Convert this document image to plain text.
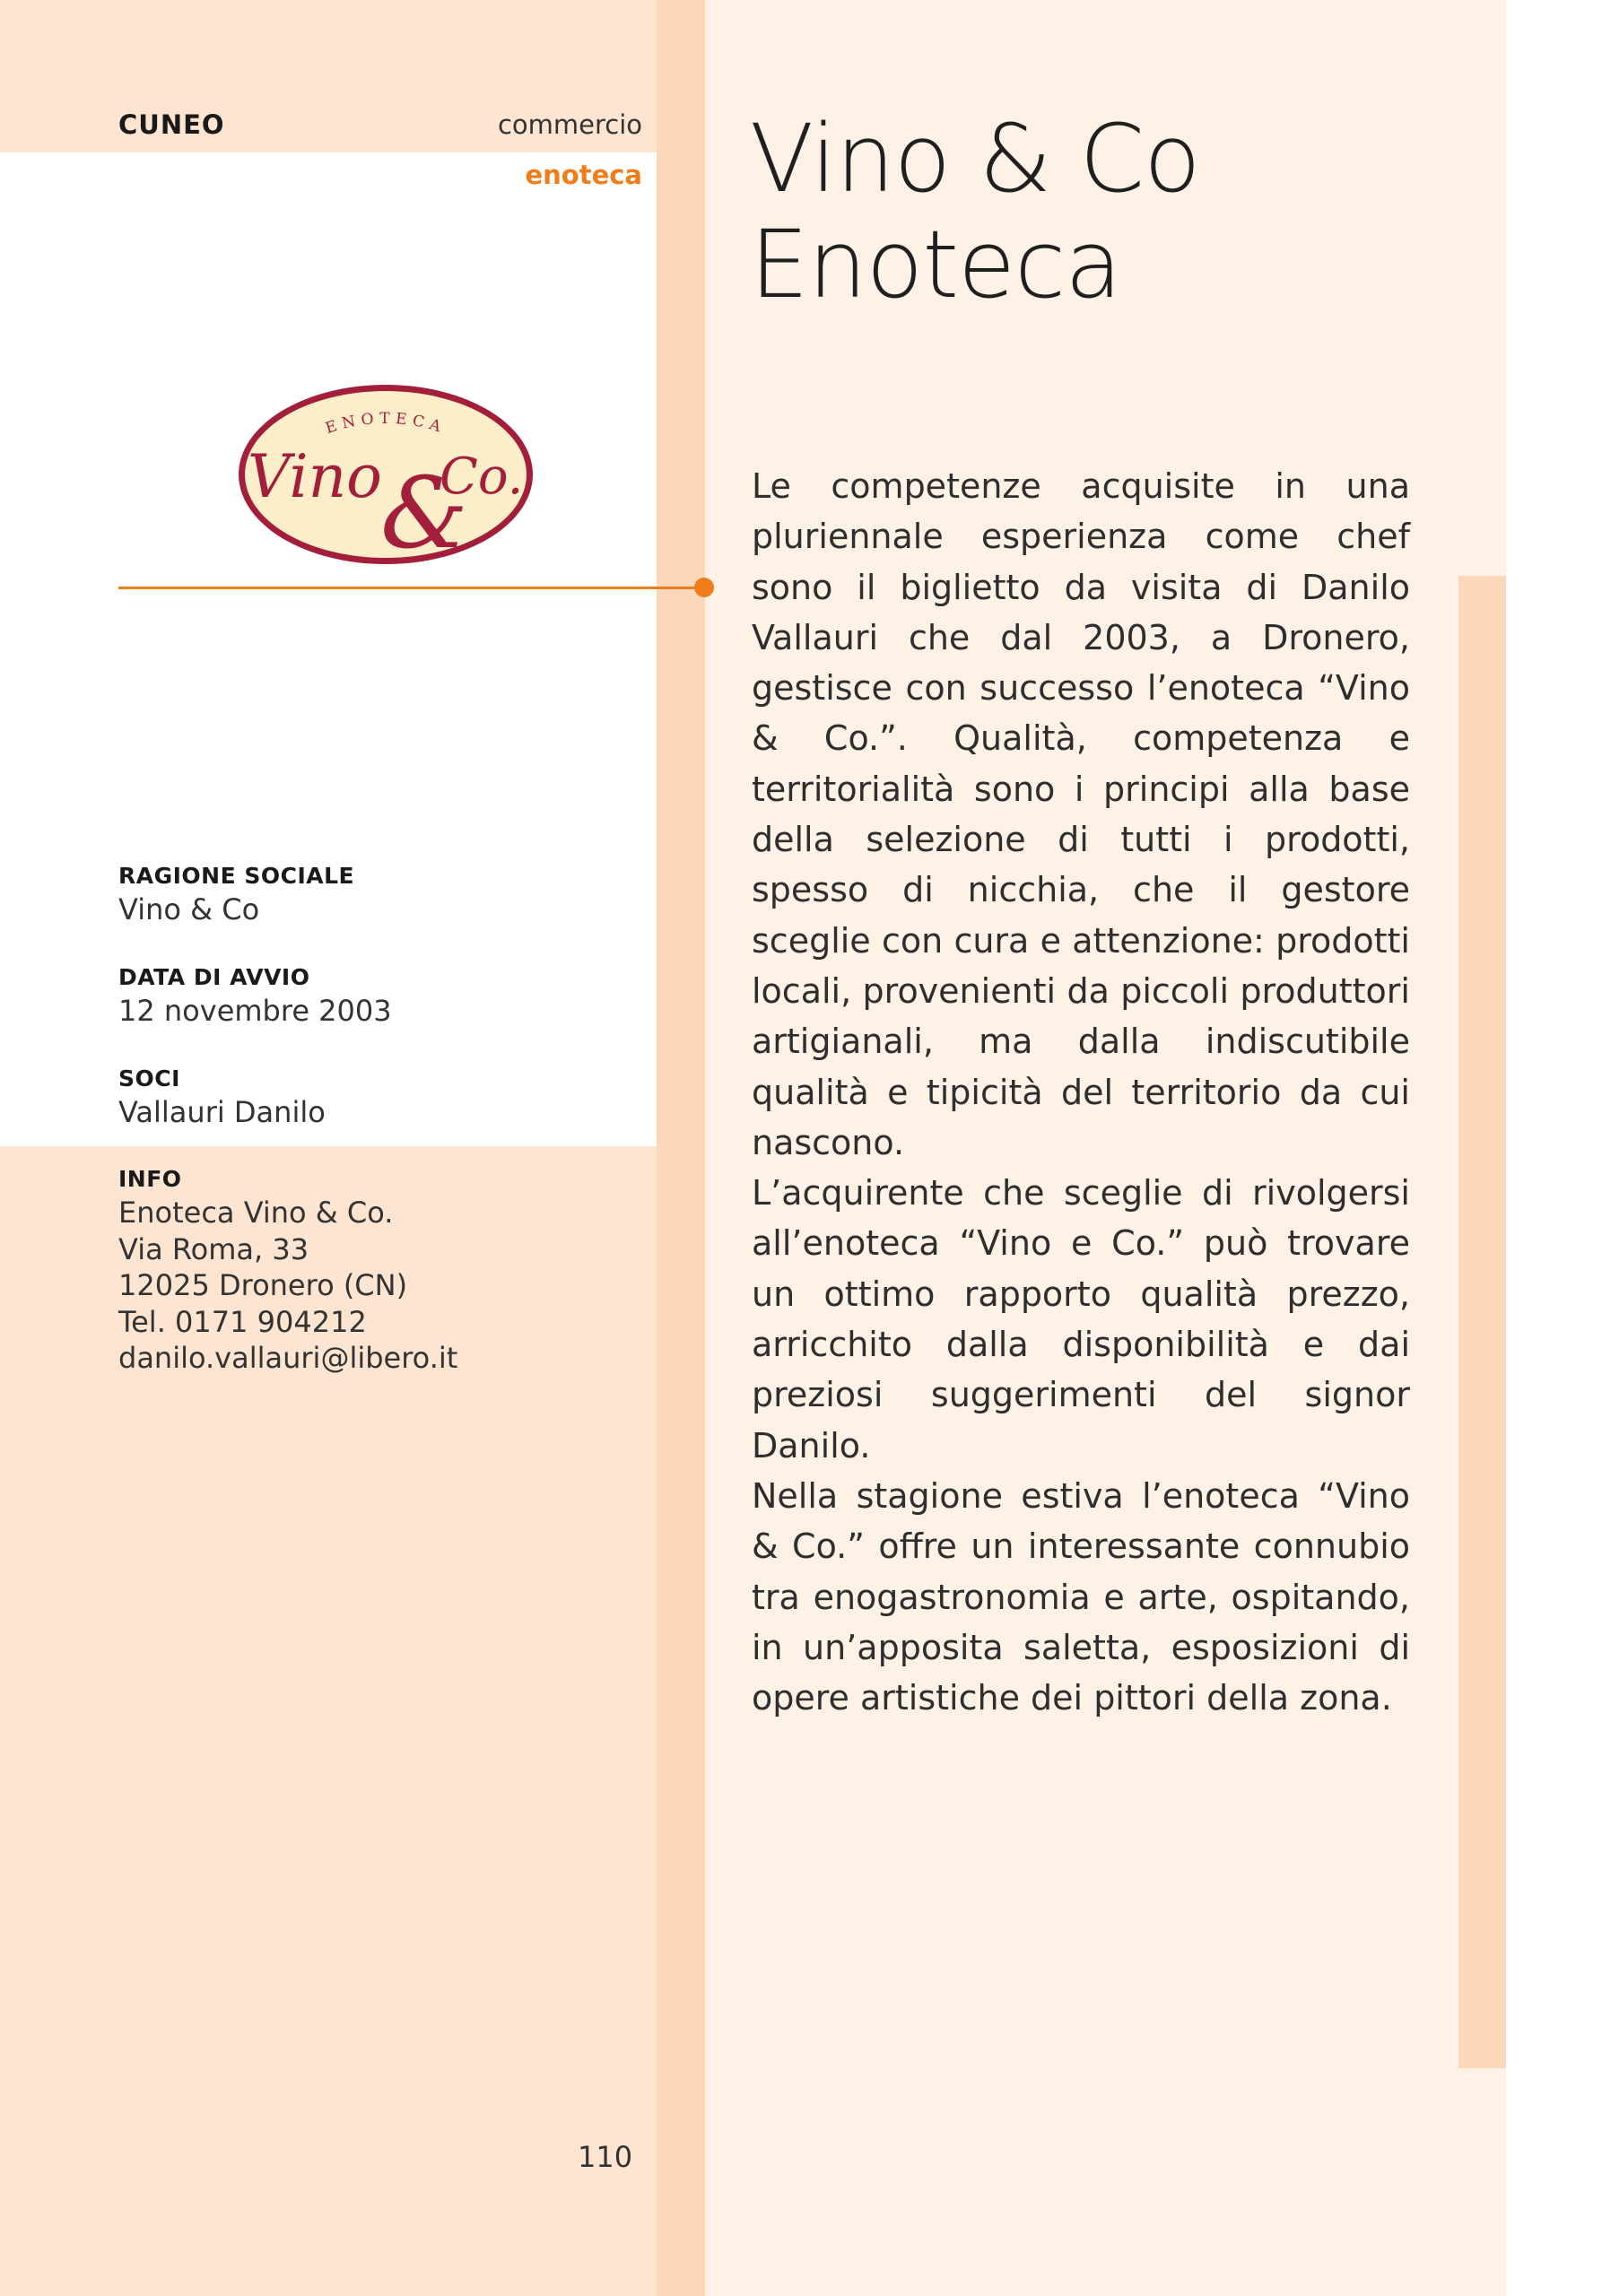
CUNEO	commercio
enoteca Vino & Co
Enoteca
ENOTECA
Vino
&
Co.
RAGIONE SOCIALE
Vino & Co
DATA DI AVVIO
12 novembre 2003
SOCI
Vallauri Danilo
INFO
Enoteca Vino & Co.
Via Roma, 33
12025 Dronero (CN)
Tel. 0171 904212
danilo.vallauri@libero.it

Le competenze acquisite in una pluriennale esperienza come chef sono il biglietto da visita di Danilo Vallauri che dal 2003, a Dronero, gestisce con successo l’enoteca “Vino & Co.”. Qualità, competenza e territorialità sono i principi alla base della selezione di tutti i prodotti, spesso di nicchia, che il gestore sceglie con cura e attenzione: prodotti locali, provenienti da piccoli produttori artigianali, ma dalla indiscutibile qualità e tipicità del territorio da cui nascono.

L’acquirente che sceglie di rivolgersi all’enoteca “Vino e Co.” può trovare un ottimo rapporto qualità prezzo, arricchito dalla disponibilità e dai preziosi suggerimenti del signor Danilo.

Nella stagione estiva l’enoteca “Vino & Co.” offre un interessante connubio tra enogastronomia e arte, ospitando, in un’apposita saletta, esposizioni di opere artistiche dei pittori della zona.

110
